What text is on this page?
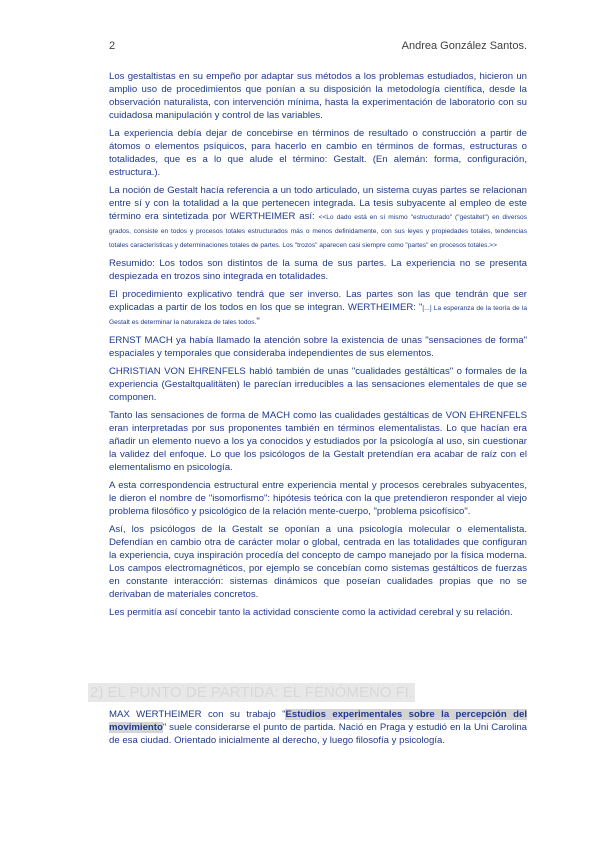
2	Andrea González Santos.

Los gestaltistas en su empeño por adaptar sus métodos a los problemas estudiados, hicieron un amplio uso de procedimientos que ponían a su disposición la metodología científica, desde la observación naturalista, con intervención mínima, hasta la experimentación de laboratorio con su cuidadosa manipulación y control de las variables.

La experiencia debía dejar de concebirse en términos de resultado o construcción a partir de átomos o elementos psíquicos, para hacerlo en cambio en términos de formas, estructuras o totalidades, que es a lo que alude el término: Gestalt. (En alemán: forma, configuración, estructura.).

La noción de Gestalt hacía referencia a un todo articulado, un sistema cuyas partes se relacionan entre sí y con la totalidad a la que pertenecen integrada. La tesis subyacente al empleo de este término era sintetizada por WERTHEIMER así: <<Lo dado está en sí mismo "estructurado" ("gestaltet") en diversos grados, consiste en todos y procesos totales estructurados más o menos definidamente, con sus leyes y propiedades totales, tendencias totales características y determinaciones totales de partes. Los "trozos" aparecen casi siempre como "partes" en procesos totales.>>

Resumido: Los todos son distintos de la suma de sus partes. La experiencia no se presenta despiezada en trozos sino integrada en totalidades.

El procedimiento explicativo tendrá que ser inverso. Las partes son las que tendrán que ser explicadas a partir de los todos en los que se integran. WERTHEIMER: "[...] La esperanza de la teoría de la Gestalt es determinar la naturaleza de tales todos."

ERNST MACH ya había llamado la atención sobre la existencia de unas "sensaciones de forma" espaciales y temporales que consideraba independientes de sus elementos.

CHRISTIAN VON EHRENFELS habló también de unas "cualidades gestálticas" o formales de la experiencia (Gestaltqualitäten) le parecían irreducibles a las sensaciones elementales de que se componen.

Tanto las sensaciones de forma de MACH como las cualidades gestálticas de VON EHRENFELS eran interpretadas por sus proponentes también en términos elementalistas. Lo que hacían era añadir un elemento nuevo a los ya conocidos y estudiados por la psicología al uso, sin cuestionar la validez del enfoque. Lo que los psicólogos de la Gestalt pretendían era acabar de raíz con el elementalismo en psicología.

A esta correspondencia estructural entre experiencia mental y procesos cerebrales subyacentes, le dieron el nombre de "isomorfismo": hipótesis teórica con la que pretendieron responder al viejo problema filosófico y psicológico de la relación mente-cuerpo, "problema psicofísico".

Así, los psicólogos de la Gestalt se oponían a una psicología molecular o elementalista. Defendían en cambio otra de carácter molar o global, centrada en las totalidades que configuran la experiencia, cuya inspiración procedía del concepto de campo manejado por la física moderna. Los campos electromagnéticos, por ejemplo se concebían como sistemas gestálticos de fuerzas en constante interacción: sistemas dinámicos que poseían cualidades propias que no se derivaban de materiales concretos.

Les permitía así concebir tanto la actividad consciente como la actividad cerebral y su relación.

2) EL PUNTO DE PARTIDA: EL FENÓMENO FI.
MAX WERTHEIMER con su trabajo "Estudios experimentales sobre la percepción del movimiento" suele considerarse el punto de partida. Nació en Praga y estudió en la Uni Carolina de esa ciudad. Orientado inicialmente al derecho, y luego filosofía y psicología.
